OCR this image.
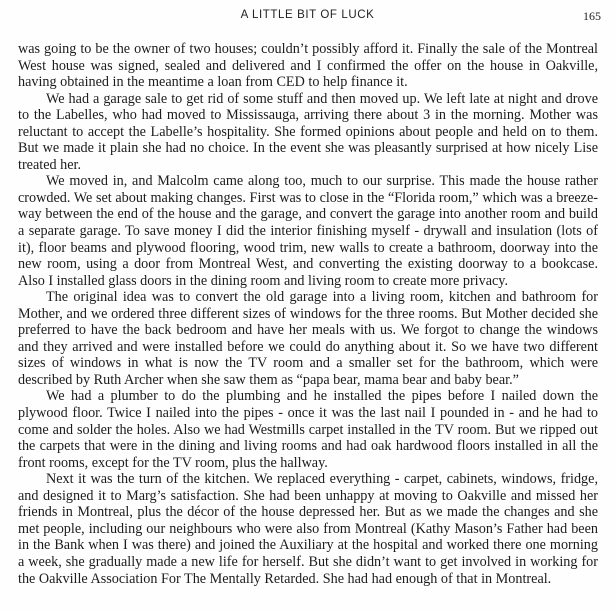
A LITTLE BIT OF LUCK	165

was going to be the owner of two houses; couldn’t possibly afford it. Finally the sale of the Montreal West house was signed, sealed and delivered and I confirmed the offer on the house in Oakville, having obtained in the meantime a loan from CED to help finance it.

We had a garage sale to get rid of some stuff and then moved up. We left late at night and drove to the Labelles, who had moved to Mississauga, arriving there about 3 in the morning. Mother was reluctant to accept the Labelle’s hospitality. She formed opinions about people and held on to them. But we made it plain she had no choice. In the event she was pleasantly surprised at how nicely Lise treated her.

We moved in, and Malcolm came along too, much to our surprise. This made the house rather crowded. We set about making changes. First was to close in the “Florida room,” which was a breezeway between the end of the house and the garage, and convert the garage into another room and build a separate garage. To save money I did the interior finishing myself - drywall and insulation (lots of it), floor beams and plywood flooring, wood trim, new walls to create a bathroom, doorway into the new room, using a door from Montreal West, and converting the existing doorway to a bookcase. Also I installed glass doors in the dining room and living room to create more privacy.

The original idea was to convert the old garage into a living room, kitchen and bathroom for Mother, and we ordered three different sizes of windows for the three rooms. But Mother decided she preferred to have the back bedroom and have her meals with us. We forgot to change the windows and they arrived and were installed before we could do anything about it. So we have two different sizes of windows in what is now the TV room and a smaller set for the bathroom, which were described by Ruth Archer when she saw them as “papa bear, mama bear and baby bear.”

We had a plumber to do the plumbing and he installed the pipes before I nailed down the plywood floor. Twice I nailed into the pipes - once it was the last nail I pounded in - and he had to come and solder the holes. Also we had Westmills carpet installed in the TV room. But we ripped out the carpets that were in the dining and living rooms and had oak hardwood floors installed in all the front rooms, except for the TV room, plus the hallway.

Next it was the turn of the kitchen. We replaced everything - carpet, cabinets, windows, fridge, and designed it to Marg’s satisfaction. She had been unhappy at moving to Oakville and missed her friends in Montreal, plus the décor of the house depressed her. But as we made the changes and she met people, including our neighbours who were also from Montreal (Kathy Mason’s Father had been in the Bank when I was there) and joined the Auxiliary at the hospital and worked there one morning a week, she gradually made a new life for herself. But she didn’t want to get involved in working for the Oakville Association For The Mentally Retarded. She had had enough of that in Montreal.
